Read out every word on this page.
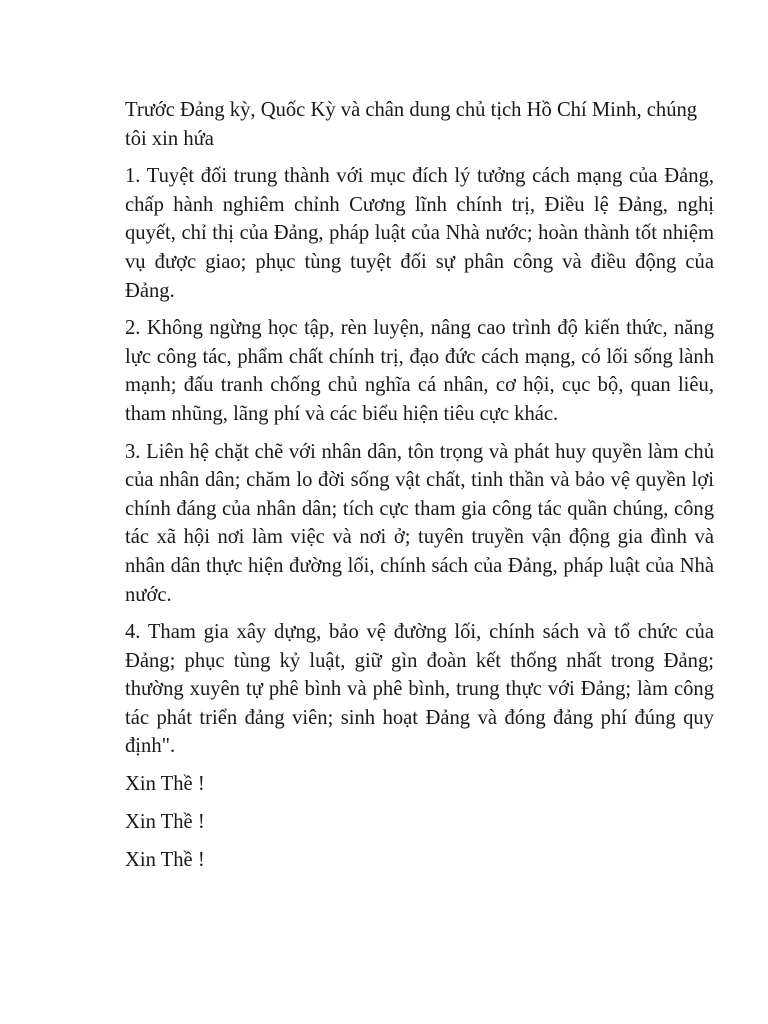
Trước Đảng kỳ, Quốc Kỳ và chân dung chủ tịch Hồ Chí Minh, chúng tôi xin hứa

1. Tuyệt đối trung thành với mục đích lý tưởng cách mạng của Đảng, chấp hành nghiêm chỉnh Cương lĩnh chính trị, Điều lệ Đảng, nghị quyết, chỉ thị của Đảng, pháp luật của Nhà nước; hoàn thành tốt nhiệm vụ được giao; phục tùng tuyệt đối sự phân công và điều động của Đảng.

2. Không ngừng học tập, rèn luyện, nâng cao trình độ kiến thức, năng lực công tác, phẩm chất chính trị, đạo đức cách mạng, có lối sống lành mạnh; đấu tranh chống chủ nghĩa cá nhân, cơ hội, cục bộ, quan liêu, tham nhũng, lãng phí và các biểu hiện tiêu cực khác.

3. Liên hệ chặt chẽ với nhân dân, tôn trọng và phát huy quyền làm chủ của nhân dân; chăm lo đời sống vật chất, tinh thần và bảo vệ quyền lợi chính đáng của nhân dân; tích cực tham gia công tác quần chúng, công tác xã hội nơi làm việc và nơi ở; tuyên truyền vận động gia đình và nhân dân thực hiện đường lối, chính sách của Đảng, pháp luật của Nhà nước.

4. Tham gia xây dựng, bảo vệ đường lối, chính sách và tổ chức của Đảng; phục tùng kỷ luật, giữ gìn đoàn kết thống nhất trong Đảng; thường xuyên tự phê bình và phê bình, trung thực với Đảng; làm công tác phát triển đảng viên; sinh hoạt Đảng và đóng đảng phí đúng quy định".

Xin Thề !

Xin Thề !

Xin Thề !
